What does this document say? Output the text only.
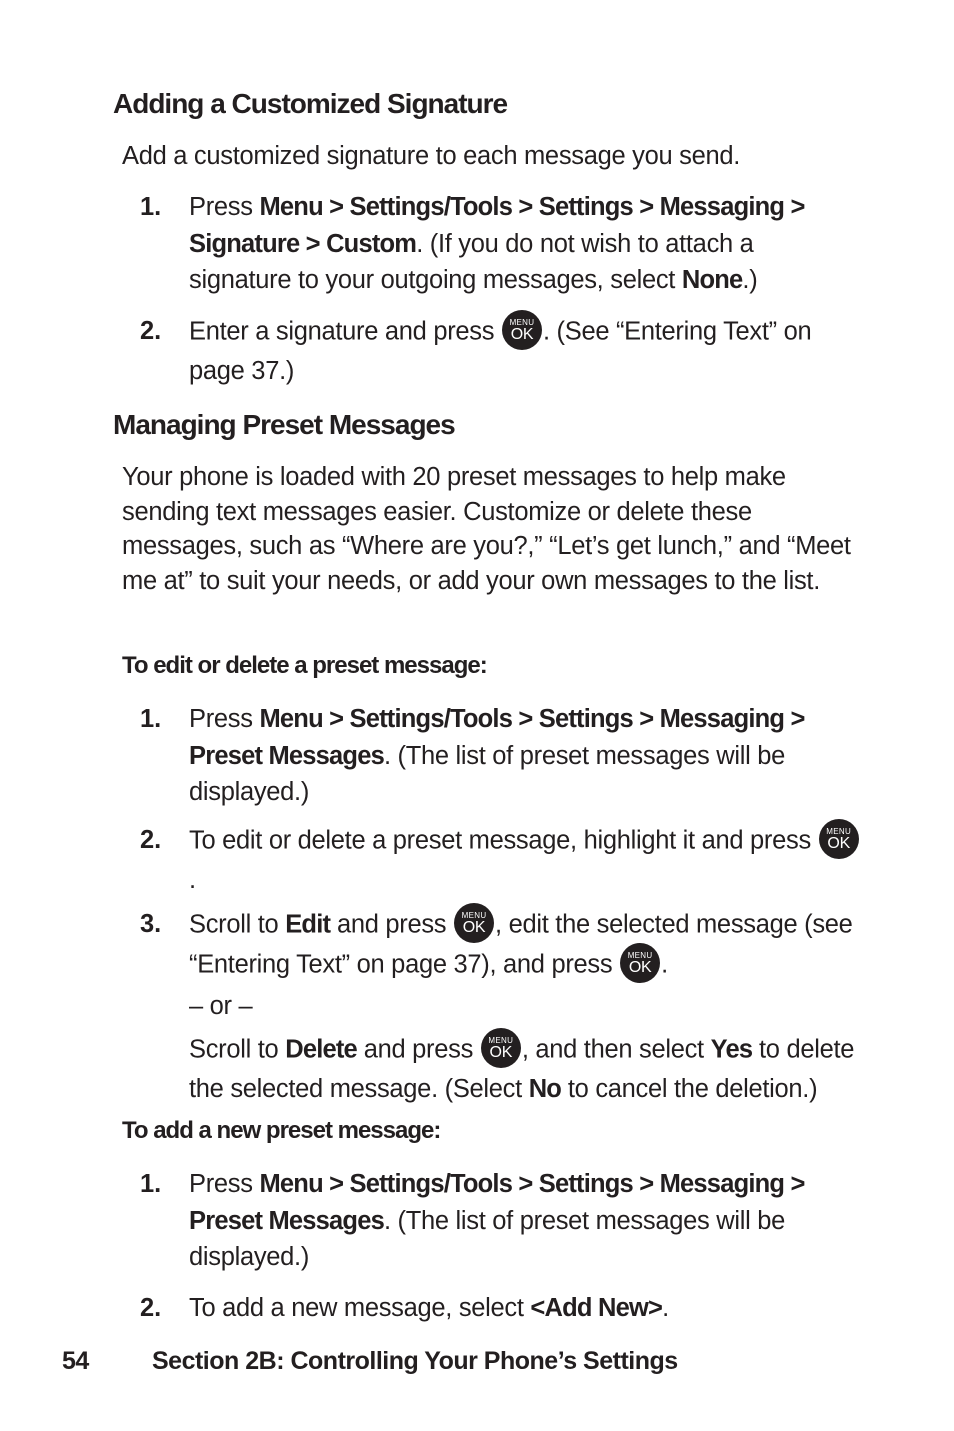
Adding a Customized Signature

Add a customized signature to each message you send.

1.	Press Menu > Settings/Tools > Settings > Messaging > Signature > Custom. (If you do not wish to attach a signature to your outgoing messages, select None.)
2.	Enter a signature and press	MENU
OK . (See “Entering Text” on page 37.)
Managing Preset Messages

Your phone is loaded with 20 preset messages to help make sending text messages easier. Customize or delete these messages, such as “Where are you?,” “Let’s get lunch,” and “Meet me at” to suit your needs, or add your own messages to the list.

To edit or delete a preset message:
1.	Press Menu > Settings/Tools > Settings > Messaging > Preset Messages. (The list of preset messages will be displayed.)
2.	To edit or delete a preset message, highlight it and press	MENU
OK
.
3.	Scroll to Edit and press	MENU
OK , edit the selected message (see “Entering Text” on page 37), and press	MENU
OK .
– or –
Scroll to Delete and press	MENU
OK , and then select Yes to delete the selected message. (Select No to cancel the deletion.)
To add a new preset message:
1.	Press Menu > Settings/Tools > Settings > Messaging > Preset Messages. (The list of preset messages will be displayed.)
2.	To add a new message, select <Add New>.
54	Section 2B: Controlling Your Phone’s Settings
